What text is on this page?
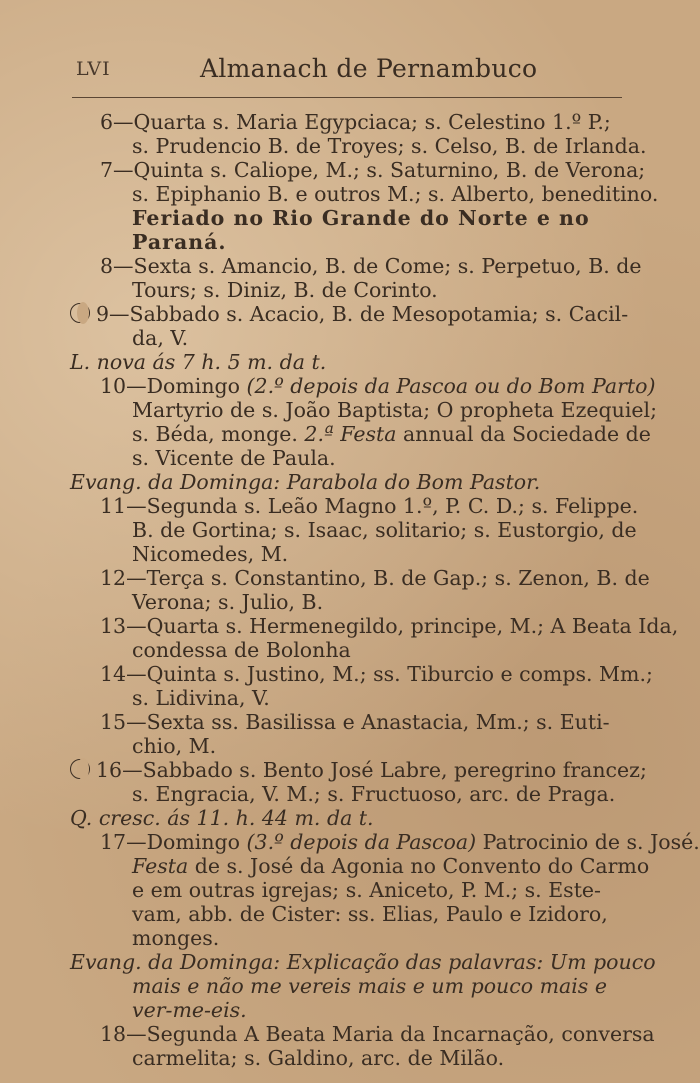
LVI	Almanach de Pernambuco
6—Quarta s. Maria Egypciaca; s. Celestino 1.º P.;
s. Prudencio B. de Troyes; s. Celso, B. de Irlanda.
7—Quinta s. Caliope, M.; s. Saturnino, B. de Verona;
s. Epiphanio B. e outros M.; s. Alberto, beneditino.
Feriado no Rio Grande do Norte e no
Paraná.
8—Sexta s. Amancio, B. de Come; s. Perpetuo, B. de
Tours; s. Diniz, B. de Corinto.
9—Sabbado s. Acacio, B. de Mesopotamia; s. Cacil-
da, V.
L. nova ás 7 h. 5 m. da t.
10—Domingo (2.º depois da Pascoa ou do Bom Parto)
Martyrio de s. João Baptista; O propheta Ezequiel;
s. Béda, monge. 2.ª Festa annual da Sociedade de
s. Vicente de Paula.
Evang. da Dominga: Parabola do Bom Pastor.
11—Segunda s. Leão Magno 1.º, P. C. D.; s. Felippe.
B. de Gortina; s. Isaac, solitario; s. Eustorgio, de
Nicomedes, M.
12—Terça s. Constantino, B. de Gap.; s. Zenon, B. de
Verona; s. Julio, B.
13—Quarta s. Hermenegildo, principe, M.; A Beata Ida,
condessa de Bolonha
14—Quinta s. Justino, M.; ss. Tiburcio e comps. Mm.;
s. Lidivina, V.
15—Sexta ss. Basilissa e Anastacia, Mm.; s. Euti-
chio, M.
16—Sabbado s. Bento José Labre, peregrino francez;
s. Engracia, V. M.; s. Fructuoso, arc. de Praga.
Q. cresc. ás 11. h. 44 m. da t.
17—Domingo (3.º depois da Pascoa) Patrocinio de s. José.
Festa de s. José da Agonia no Convento do Carmo
e em outras igrejas; s. Aniceto, P. M.; s. Este-
vam, abb. de Cister: ss. Elias, Paulo e Izidoro,
monges.
Evang. da Dominga: Explicação das palavras: Um pouco
mais e não me vereis mais e um pouco mais e
ver-me-eis.
18—Segunda A Beata Maria da Incarnação, conversa
carmelita; s. Galdino, arc. de Milão.
